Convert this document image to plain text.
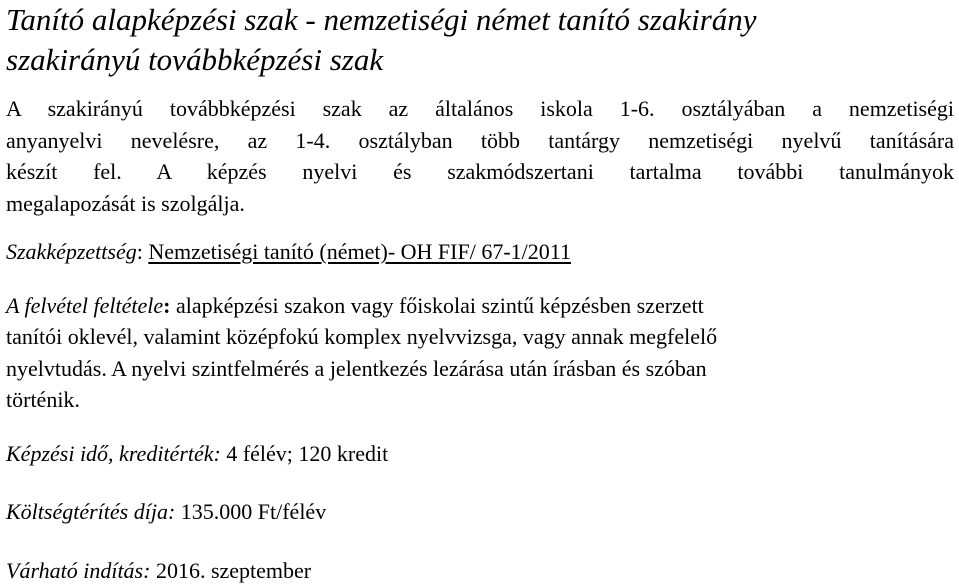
Tanító alapképzési szak - nemzetiségi német tanító szakirány
szakirányú továbbképzési szak

A szakirányú továbbképzési szak az általános iskola 1-6. osztályában a nemzetiségi
anyanyelvi nevelésre, az 1-4. osztályban több tantárgy nemzetiségi nyelvű tanítására
készít fel. A képzés nyelvi és szakmódszertani tartalma további tanulmányok
megalapozását is szolgálja.

Szakképzettség: Nemzetiségi tanító (német)- OH FIF/ 67-1/2011

A felvétel feltétele: alapképzési szakon vagy főiskolai szintű képzésben szerzett
tanítói oklevél, valamint középfokú komplex nyelvvizsga, vagy annak megfelelő
nyelvtudás. A nyelvi szintfelmérés a jelentkezés lezárása után írásban és szóban
történik.

Képzési idő, kreditérték: 4 félév; 120 kredit

Költségtérítés díja: 135.000 Ft/félév

Várható indítás: 2016. szeptember
